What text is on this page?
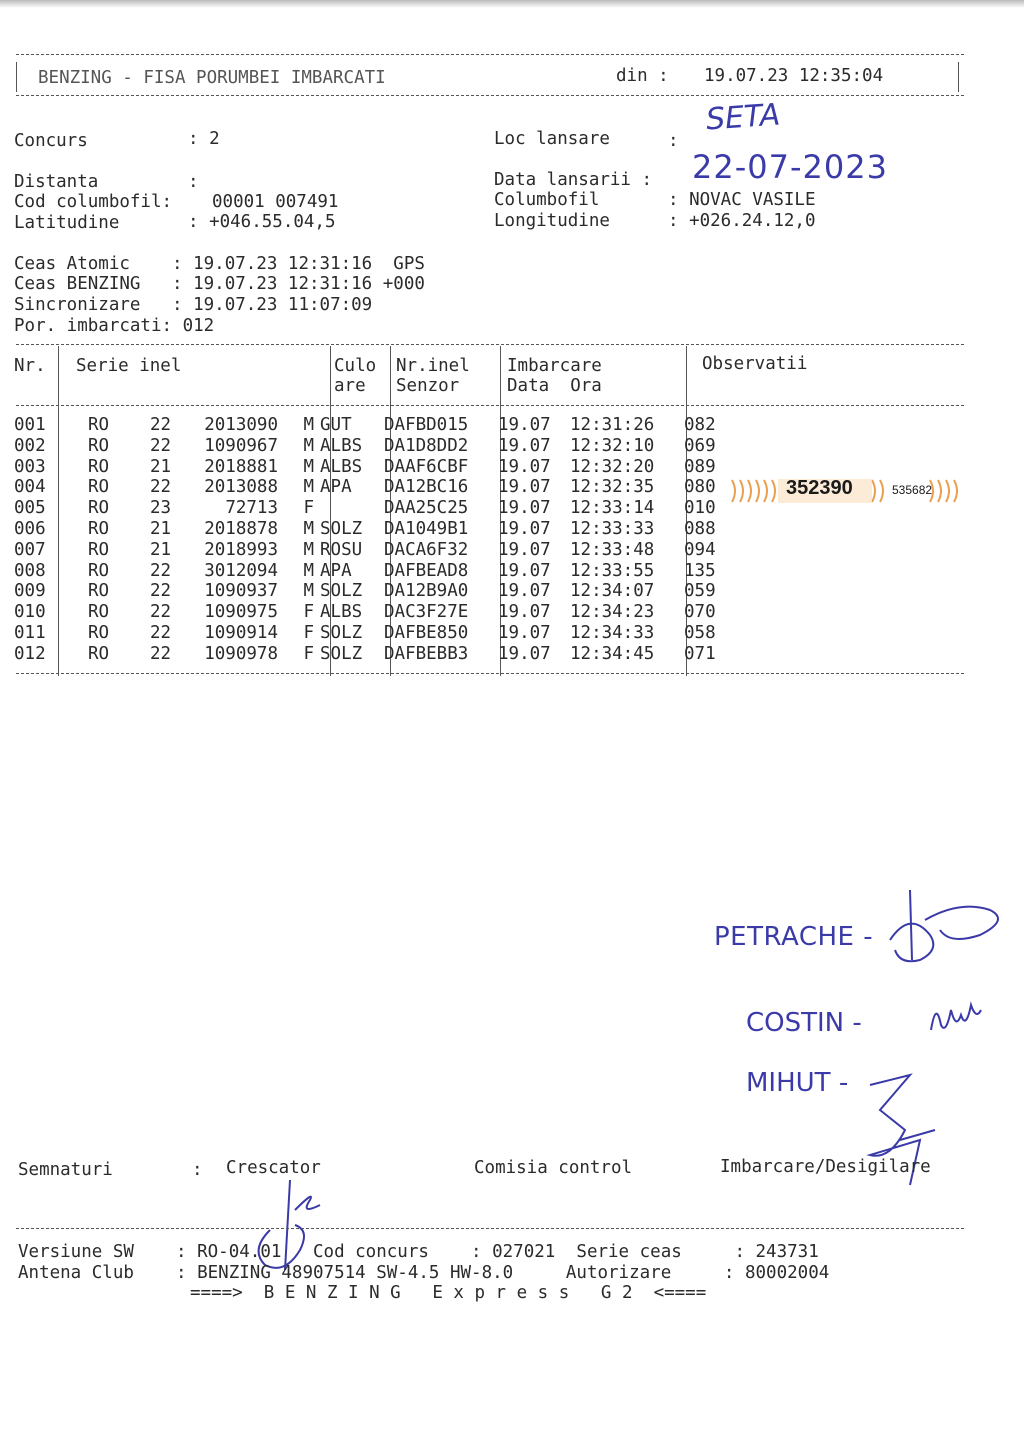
BENZING - FISA PORUMBEI IMBARCATI	din : 19.07.23 12:35:04
Concurs	: 2	Loc lansare	:
SETA
Distanta	:	Data lansarii : 22-07-2023
Cod columbofil: 00001 007491	Columbofil	: NOVAC VASILE
Latitudine	: +046.55.04,5	Longitudine	: +026.24.12,0
Ceas Atomic    : 19.07.23 12:31:16  GPS
Ceas BENZING   : 19.07.23 12:31:16 +000
Sincronizare   : 19.07.23 11:07:09
Por. imbarcati: 012
Nr. Serie inel	Culo
are
Nr.inel
Senzor
Imbarcare
Data  Ora
Observatii
001	RO	22	2013090	M	GUT	DAFBD015	19.07	12:31:26	082
002	RO	22	1090967	M	ALBS	DA1D8DD2	19.07	12:32:10	069
003	RO	21	2018881	M	ALBS	DAAF6CBF	19.07	12:32:20	089
004	RO	22	2013088	M	APA	DA12BC16	19.07	12:32:35	080
005	RO	23	72713	F		DAA25C25	19.07	12:33:14	010
006	RO	21	2018878	M	SOLZ	DA1049B1	19.07	12:33:33	088
007	RO	21	2018993	M	ROSU	DACA6F32	19.07	12:33:48	094
008	RO	22	3012094	M	APA	DAFBEAD8	19.07	12:33:55	135
009	RO	22	1090937	M	SOLZ	DA12B9A0	19.07	12:34:07	059
010	RO	22	1090975	F	ALBS	DAC3F27E	19.07	12:34:23	070
011	RO	22	1090914	F	SOLZ	DAFBE850	19.07	12:34:33	058
012	RO	22	1090978	F	SOLZ	DAFBEBB3	19.07	12:34:45	071
352390	535682
PETRACHE -
COSTIN -
MIHUT -
Semnaturi	: Crescator	Comisia control	Imbarcare/Desigilare
Versiune SW    : RO-04.01   Cod concurs    : 027021  Serie ceas     : 243731
Antena Club    : BENZING 48907514 SW-4.5 HW-8.0     Autorizare     : 80002004
====>  B E N Z I N G   E x p r e s s   G 2  <====
